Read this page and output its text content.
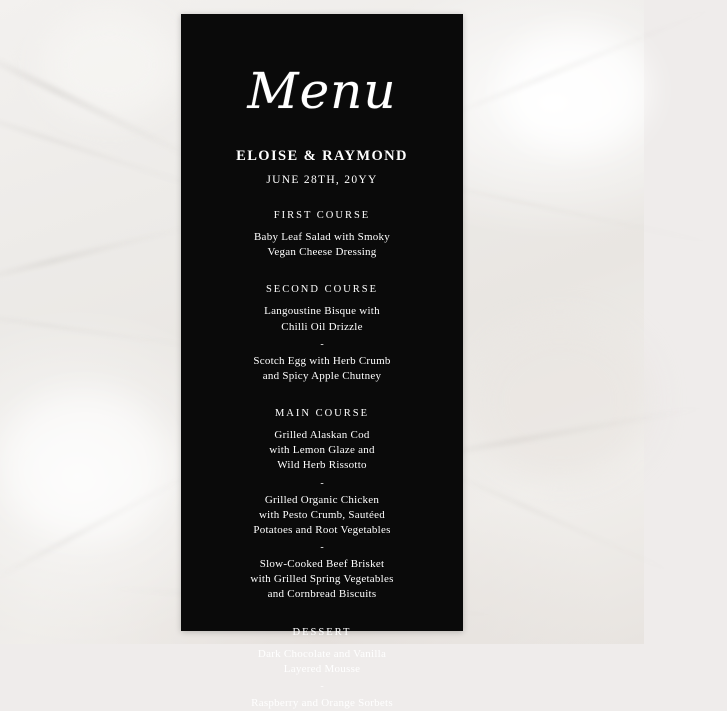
Menu
ELOISE & RAYMOND
JUNE 28TH, 20YY
FIRST COURSE
Baby Leaf Salad with Smoky
Vegan Cheese Dressing
SECOND COURSE
Langoustine Bisque with
Chilli Oil Drizzle
-
Scotch Egg with Herb Crumb
and Spicy Apple Chutney
MAIN COURSE
Grilled Alaskan Cod
with Lemon Glaze and
Wild Herb Rissotto
-
Grilled Organic Chicken
with Pesto Crumb, Sautéed
Potatoes and Root Vegetables
-
Slow-Cooked Beef Brisket
with Grilled Spring Vegetables
and Cornbread Biscuits
DESSERT
Dark Chocolate and Vanilla
Layered Mousse
-
Raspberry and Orange Sorbets
